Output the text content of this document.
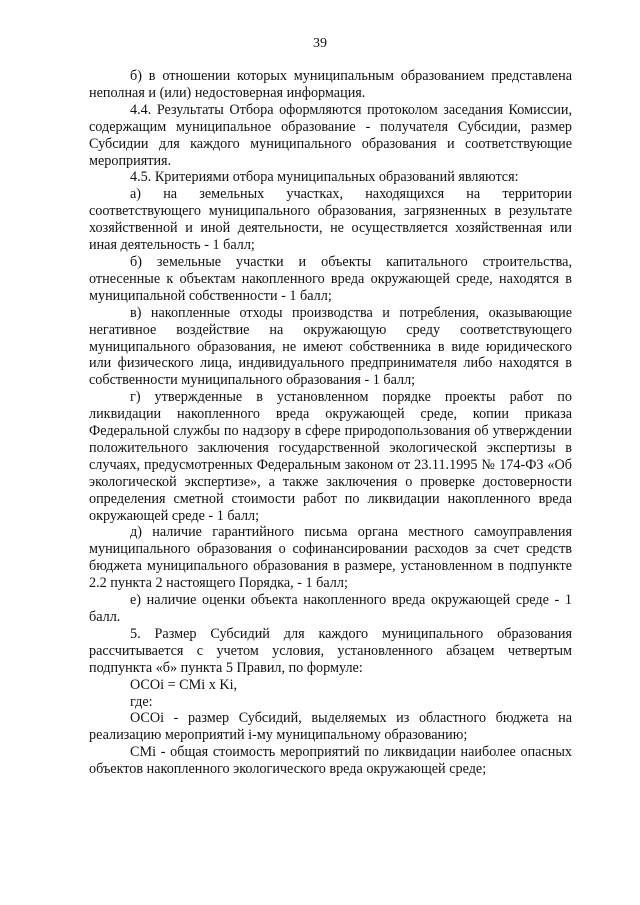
39

б) в отношении которых муниципальным образованием представлена неполная и (или) недостоверная информация.

4.4. Результаты Отбора оформляются протоколом заседания Комиссии, содержащим муниципальное образование - получателя Субсидии, размер Субсидии для каждого муниципального образования и соответствующие мероприятия.

4.5. Критериями отбора муниципальных образований являются:

а) на земельных участках, находящихся на территории соответствующего муниципального образования, загрязненных в результате хозяйственной и иной деятельности, не осуществляется хозяйственная или иная деятельность - 1 балл;

б) земельные участки и объекты капитального строительства, отнесенные к объектам накопленного вреда окружающей среде, находятся в муниципальной собственности - 1 балл;

в) накопленные отходы производства и потребления, оказывающие негативное воздействие на окружающую среду соответствующего муниципального образования, не имеют собственника в виде юридического или физического лица, индивидуального предпринимателя либо находятся в собственности муниципального образования - 1 балл;

г) утвержденные в установленном порядке проекты работ по ликвидации накопленного вреда окружающей среде, копии приказа Федеральной службы по надзору в сфере природопользования об утверждении положительного заключения государственной экологической экспертизы в случаях, предусмотренных Федеральным законом от 23.11.1995 № 174-ФЗ «Об экологической экспертизе», а также заключения о проверке достоверности определения сметной стоимости работ по ликвидации накопленного вреда окружающей среде - 1 балл;

д) наличие гарантийного письма органа местного самоуправления муниципального образования о софинансировании расходов за счет средств бюджета муниципального образования в размере, установленном в подпункте 2.2 пункта 2 настоящего Порядка, - 1 балл;

е) наличие оценки объекта накопленного вреда окружающей среде - 1 балл.

5. Размер Субсидий для каждого муниципального образования рассчитывается с учетом условия, установленного абзацем четвертым подпункта «б» пункта 5 Правил, по формуле:

ОСОi = СМi x Ki,

где:

ОСОi - размер Субсидий, выделяемых из областного бюджета на реализацию мероприятий i-му муниципальному образованию;

СМi - общая стоимость мероприятий по ликвидации наиболее опасных объектов накопленного экологического вреда окружающей среде;
